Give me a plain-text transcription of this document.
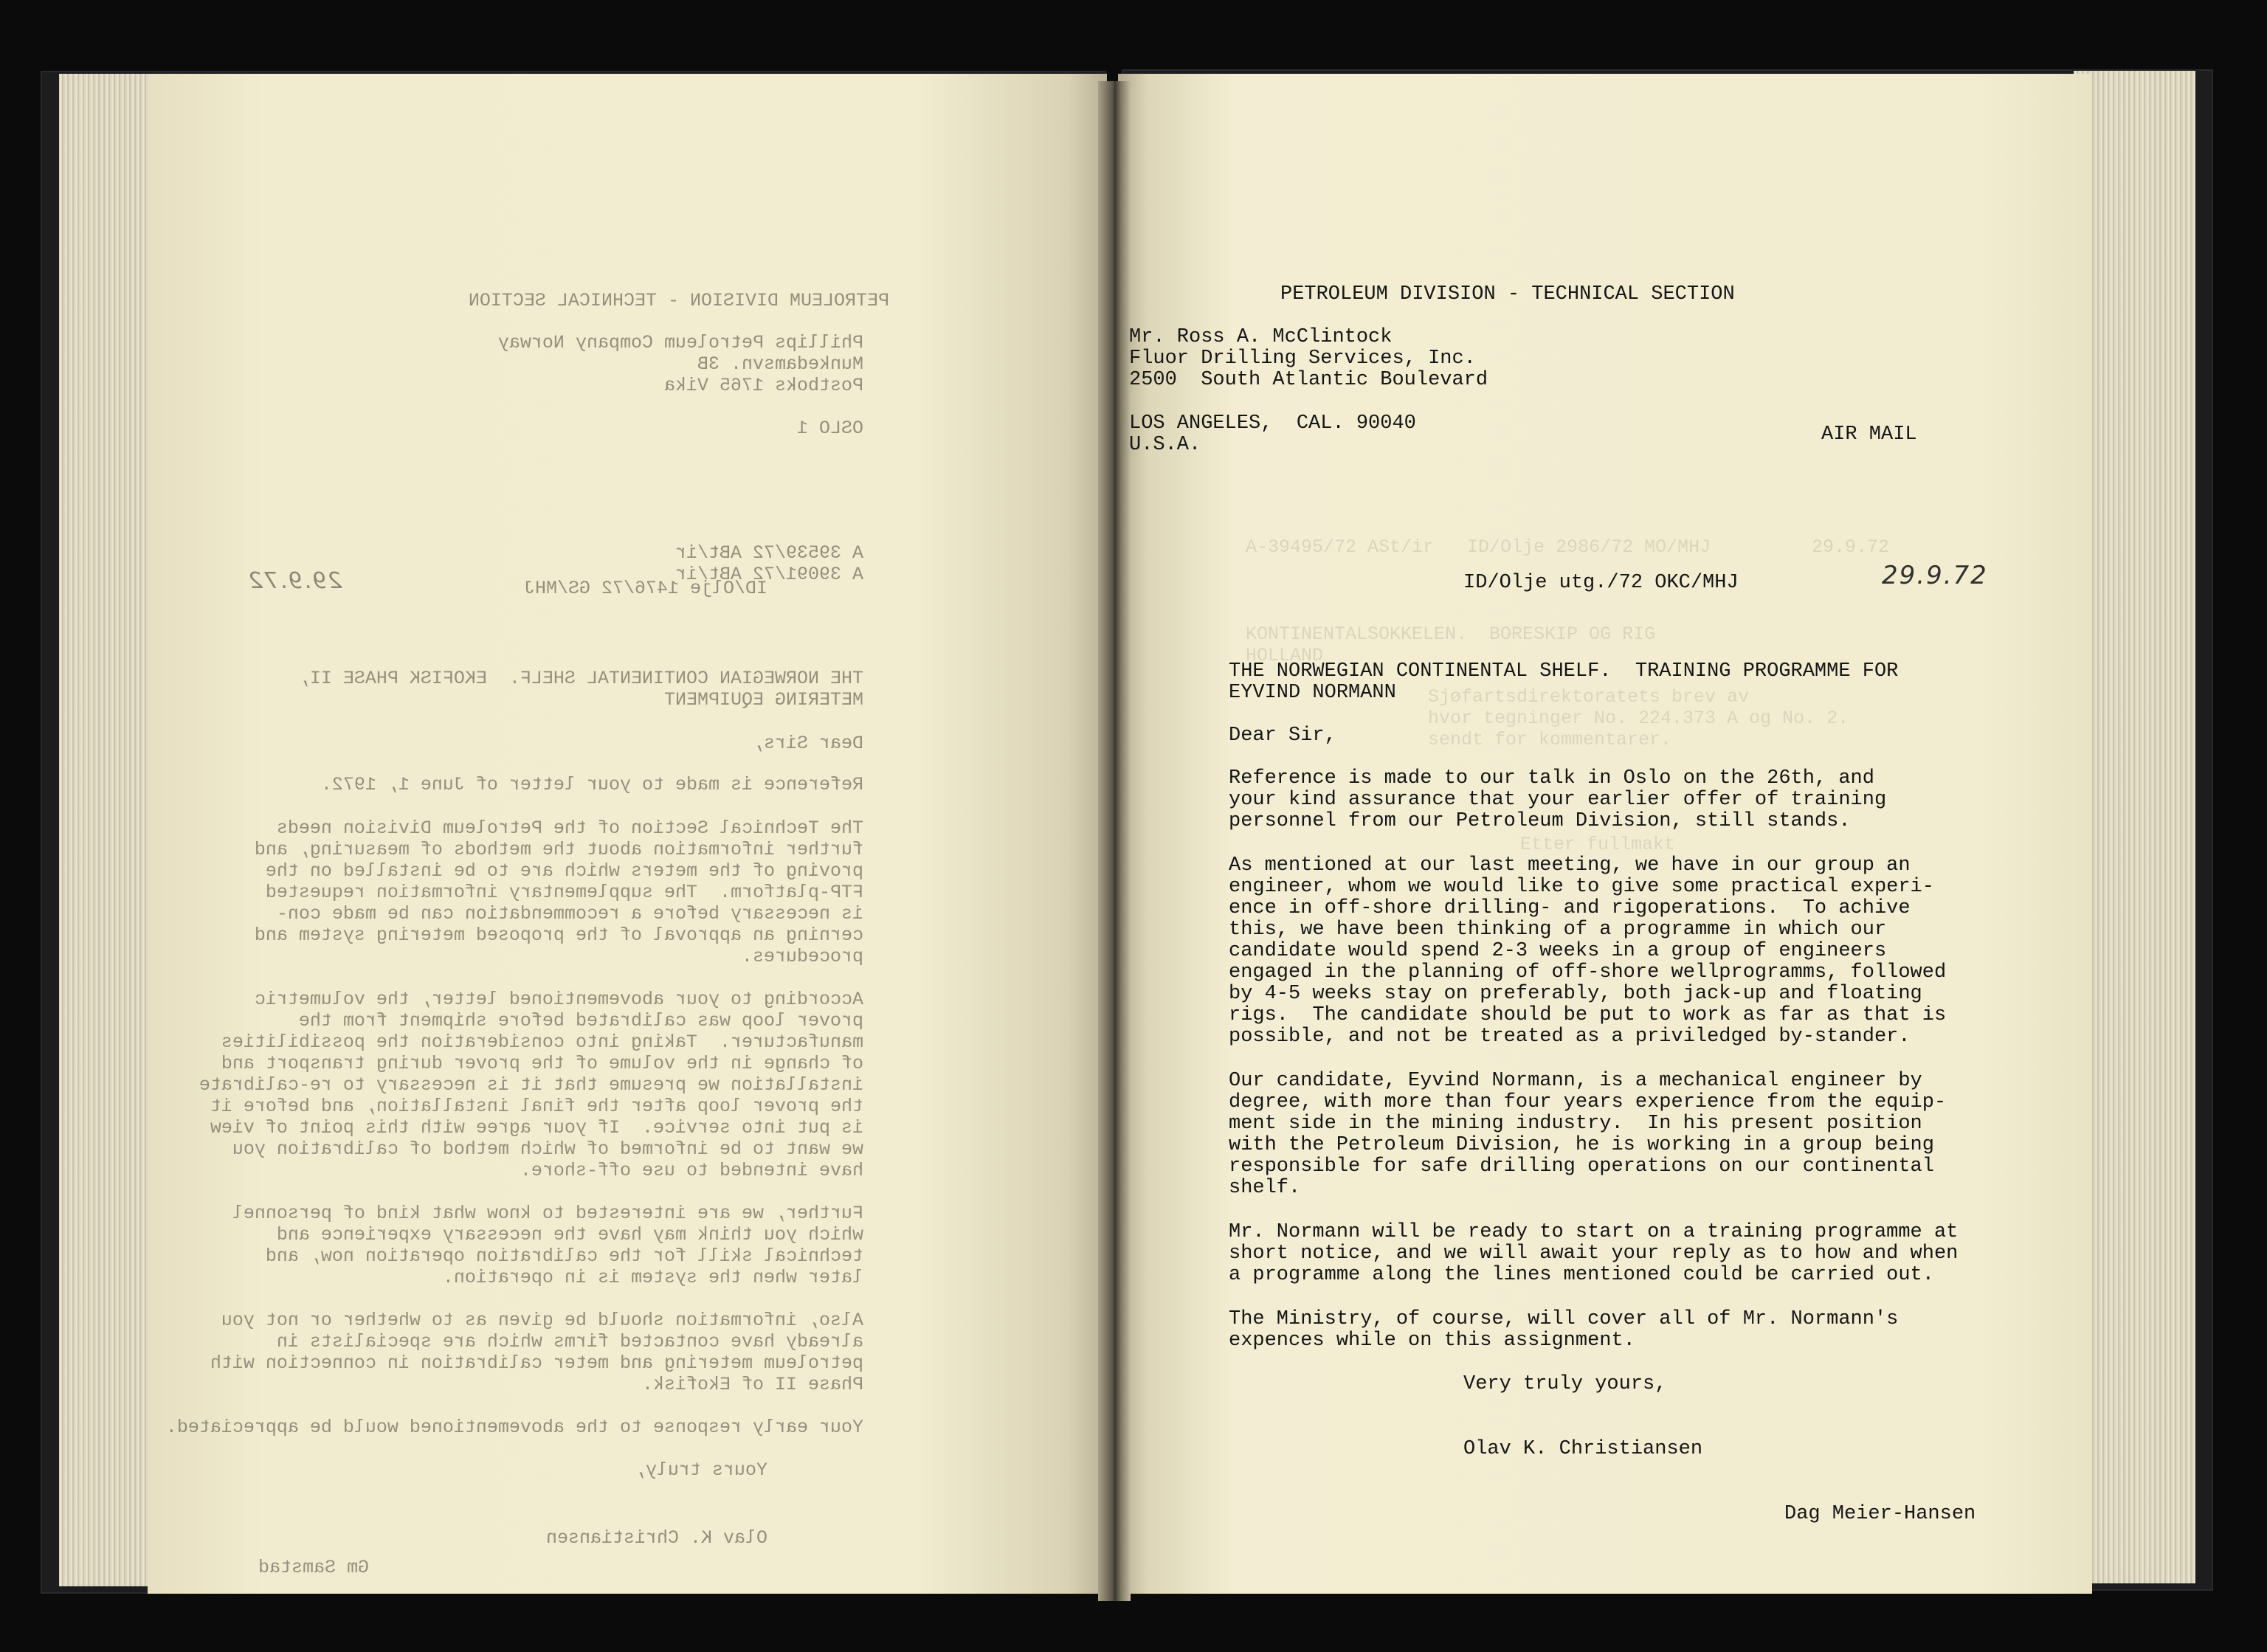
PETROLEUM DIVISION - TECHNICAL SECTION
Phillips Petroleum Company Norway
Munkedamsvn. 3B
Postboks 1765 Vika
OSLO 1
A 39539/72 ABt/ir
A 39091/72 ABt/ir
ID/Olje 1476/72 GS/MHJ
THE NORWEGIAN CONTINENTAL SHELF.  EKOFISK PHASE II,
METERING EQUIPMENT
Dear Sirs,
Reference is made to your letter of June 1, 1972.
The Technical Section of the Petroleum Division needs
further information about the methods of measuring, and
proving of the meters which are to be installed on the
FTP-platform.  The supplementary information requested
is necessary before a recommendation can be made con-
cerning an approval of the proposed metering system and
procedures.
According to your abovementioned letter, the volumetric
prover loop was calibrated before shipment from the
manufacturer.  Taking into consideration the possibilities
of change in the volume of the prover during transport and
installation we presume that it is necessary to re-calibrate
the prover loop after the final installation, and before it
is put into service.  If your agree with this point of view
we want to be informed of which method of calibration you
have intended to use off-shore.
Further, we are interested to know what kind of personnel
which you think may have the necessary experience and
technical skill for the calibration operation now, and
later when the system is in operation.
Also, information should be given as to whether or not you
already have contacted firms which are specialists in
petroleum metering and meter calibration in connection with
Phase II of Ekofisk.
Your early response to the abovementioned would be appreciated.
Yours truly,
Olav K. Christiansen
Gm Samstad
29.9.72
A-39495/72 ASt/ir   ID/Olje 2986/72 MO/MHJ	29.9.72
KONTINENTALSOKKELEN.  BORESKIP OG RIG
HOLLAND
Sjøfartsdirektoratets brev av
hvor tegninger No. 224.373 A og No. 2.
sendt for kommentarer.
Etter fullmakt
PETROLEUM DIVISION - TECHNICAL SECTION
Mr. Ross A. McClintock
Fluor Drilling Services, Inc.
2500  South Atlantic Boulevard
LOS ANGELES,  CAL. 90040
U.S.A.	AIR MAIL
ID/Olje utg./72 OKC/MHJ	29.9.72
THE NORWEGIAN CONTINENTAL SHELF.  TRAINING PROGRAMME FOR
EYVIND NORMANN
Dear Sir,
Reference is made to our talk in Oslo on the 26th, and
your kind assurance that your earlier offer of training
personnel from our Petroleum Division, still stands.
As mentioned at our last meeting, we have in our group an
engineer, whom we would like to give some practical experi-
ence in off-shore drilling- and rigoperations.  To achive
this, we have been thinking of a programme in which our
candidate would spend 2-3 weeks in a group of engineers
engaged in the planning of off-shore wellprogramms, followed
by 4-5 weeks stay on preferably, both jack-up and floating
rigs.  The candidate should be put to work as far as that is
possible, and not be treated as a priviledged by-stander.
Our candidate, Eyvind Normann, is a mechanical engineer by
degree, with more than four years experience from the equip-
ment side in the mining industry.  In his present position
with the Petroleum Division, he is working in a group being
responsible for safe drilling operations on our continental
shelf.
Mr. Normann will be ready to start on a training programme at
short notice, and we will await your reply as to how and when
a programme along the lines mentioned could be carried out.
The Ministry, of course, will cover all of Mr. Normann's
expences while on this assignment.
Very truly yours,
Olav K. Christiansen
Dag Meier-Hansen
